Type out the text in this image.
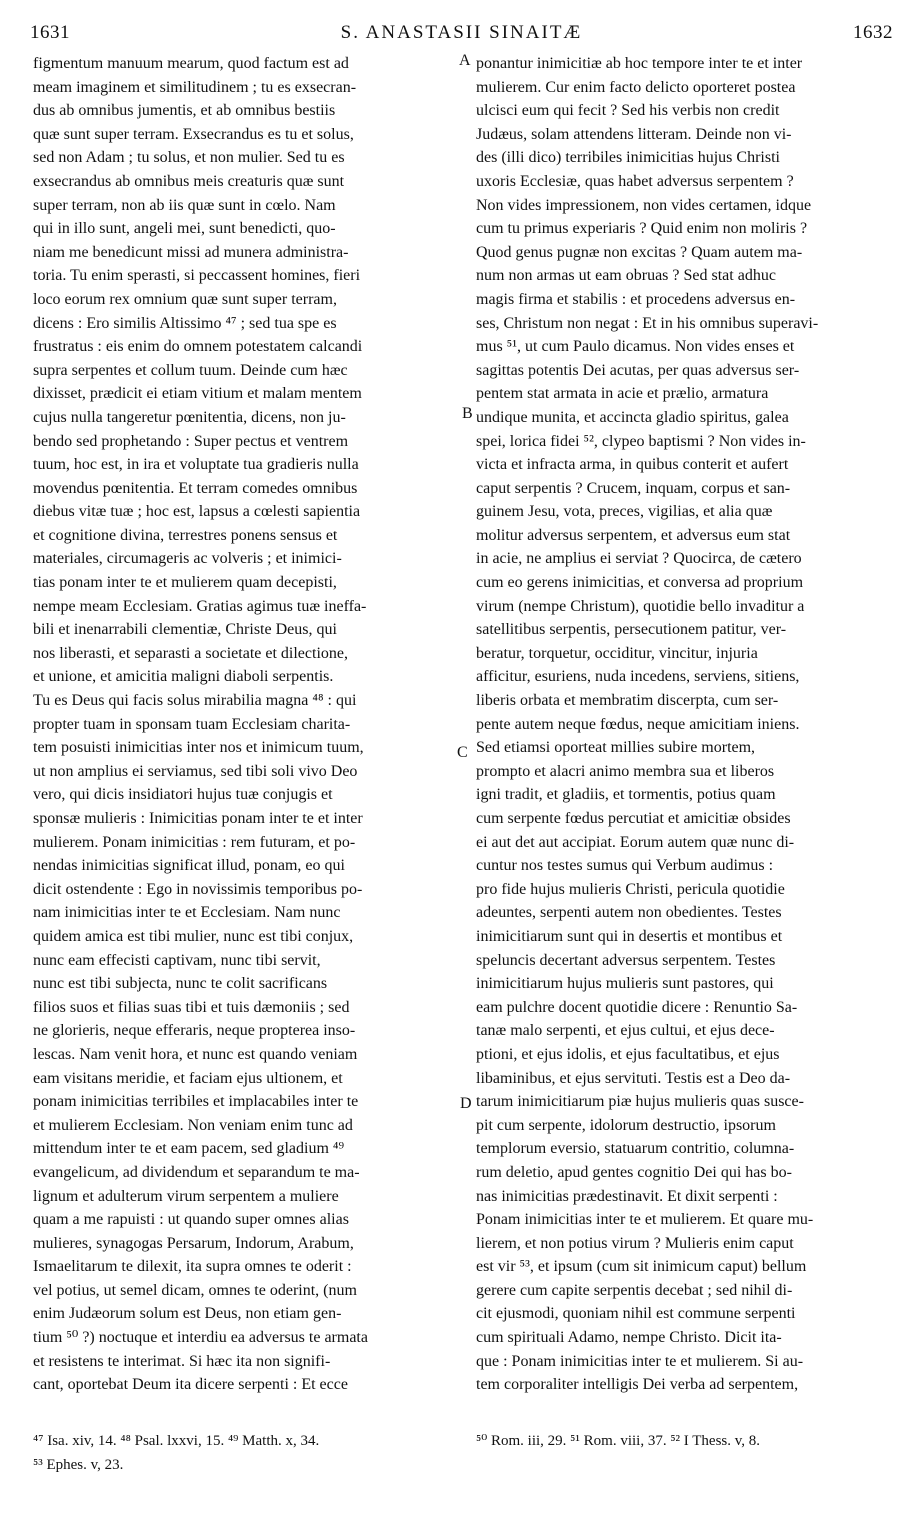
1631	S. ANASTASII SINAITÆ	1632
figmentum manuum mearum, quod factum est ad
meam imaginem et similitudinem ; tu es exsecran-
dus ab omnibus jumentis, et ab omnibus bestiis
quæ sunt super terram. Exsecrandus es tu et solus,
sed non Adam ; tu solus, et non mulier. Sed tu es
exsecrandus ab omnibus meis creaturis quæ sunt
super terram, non ab iis quæ sunt in cœlo. Nam
qui in illo sunt, angeli mei, sunt benedicti, quo-
niam me benedicunt missi ad munera administra-
toria. Tu enim sperasti, si peccassent homines, fieri
loco eorum rex omnium quæ sunt super terram,
dicens : Ero similis Altissimo ⁴⁷ ; sed tua spe es
frustratus : eis enim do omnem potestatem calcandi
supra serpentes et collum tuum. Deinde cum hæc
dixisset, prædicit ei etiam vitium et malam mentem
cujus nulla tangeretur pœnitentia, dicens, non ju-
bendo sed prophetando : Super pectus et ventrem
tuum, hoc est, in ira et voluptate tua gradieris nulla
movendus pœnitentia. Et terram comedes omnibus
diebus vitæ tuæ ; hoc est, lapsus a cœlesti sapientia
et cognitione divina, terrestres ponens sensus et
materiales, circumageris ac volveris ; et inimici-
tias ponam inter te et mulierem quam decepisti,
nempe meam Ecclesiam. Gratias agimus tuæ ineffa-
bili et inenarrabili clementiæ, Christe Deus, qui
nos liberasti, et separasti a societate et dilectione,
et unione, et amicitia maligni diaboli serpentis.
Tu es Deus qui facis solus mirabilia magna ⁴⁸ : qui
propter tuam in sponsam tuam Ecclesiam charita-
tem posuisti inimicitias inter nos et inimicum tuum,
ut non amplius ei serviamus, sed tibi soli vivo Deo
vero, qui dicis insidiatori hujus tuæ conjugis et
sponsæ mulieris : Inimicitias ponam inter te et inter
mulierem. Ponam inimicitias : rem futuram, et po-
nendas inimicitias significat illud, ponam, eo qui
dicit ostendente : Ego in novissimis temporibus po-
nam inimicitias inter te et Ecclesiam. Nam nunc
quidem amica est tibi mulier, nunc est tibi conjux,
nunc eam effecisti captivam, nunc tibi servit,
nunc est tibi subjecta, nunc te colit sacrificans
filios suos et filias suas tibi et tuis dæmoniis ; sed
ne glorieris, neque efferaris, neque propterea inso-
lescas. Nam venit hora, et nunc est quando veniam
eam visitans meridie, et faciam ejus ultionem, et
ponam inimicitias terribiles et implacabiles inter te
et mulierem Ecclesiam. Non veniam enim tunc ad
mittendum inter te et eam pacem, sed gladium ⁴⁹
evangelicum, ad dividendum et separandum te ma-
lignum et adulterum virum serpentem a muliere
quam a me rapuisti : ut quando super omnes alias
mulieres, synagogas Persarum, Indorum, Arabum,
Ismaelitarum te dilexit, ita supra omnes te oderit :
vel potius, ut semel dicam, omnes te oderint, (num
enim Judæorum solum est Deus, non etiam gen-
tium ⁵⁰ ?) noctuque et interdiu ea adversus te armata
et resistens te interimat. Si hæc ita non signifi-
cant, oportebat Deum ita dicere serpenti : Et ecce
ponantur inimicitiæ ab hoc tempore inter te et inter
mulierem. Cur enim facto delicto oporteret postea
ulcisci eum qui fecit ? Sed his verbis non credit
Judæus, solam attendens litteram. Deinde non vi-
des (illi dico) terribiles inimicitias hujus Christi
uxoris Ecclesiæ, quas habet adversus serpentem ?
Non vides impressionem, non vides certamen, idque
cum tu primus experiaris ? Quid enim non moliris ?
Quod genus pugnæ non excitas ? Quam autem ma-
num non armas ut eam obruas ? Sed stat adhuc
magis firma et stabilis : et procedens adversus en-
ses, Christum non negat : Et in his omnibus superavi-
mus ⁵¹, ut cum Paulo dicamus. Non vides enses et
sagittas potentis Dei acutas, per quas adversus ser-
pentem stat armata in acie et prælio, armatura
undique munita, et accincta gladio spiritus, galea
spei, lorica fidei ⁵², clypeo baptismi ? Non vides in-
victa et infracta arma, in quibus conterit et aufert
caput serpentis ? Crucem, inquam, corpus et san-
guinem Jesu, vota, preces, vigilias, et alia quæ
molitur adversus serpentem, et adversus eum stat
in acie, ne amplius ei serviat ? Quocirca, de cætero
cum eo gerens inimicitias, et conversa ad proprium
virum (nempe Christum), quotidie bello invaditur a
satellitibus serpentis, persecutionem patitur, ver-
beratur, torquetur, occiditur, vincitur, injuria
afficitur, esuriens, nuda incedens, serviens, sitiens,
liberis orbata et membratim discerpta, cum ser-
pente autem neque fœdus, neque amicitiam iniens.
Sed etiamsi oporteat millies subire mortem,
prompto et alacri animo membra sua et liberos
igni tradit, et gladiis, et tormentis, potius quam
cum serpente fœdus percutiat et amicitiæ obsides
ei aut det aut accipiat. Eorum autem quæ nunc di-
cuntur nos testes sumus qui Verbum audimus :
pro fide hujus mulieris Christi, pericula quotidie
adeuntes, serpenti autem non obedientes. Testes
inimicitiarum sunt qui in desertis et montibus et
speluncis decertant adversus serpentem. Testes
inimicitiarum hujus mulieris sunt pastores, qui
eam pulchre docent quotidie dicere : Renuntio Sa-
tanæ malo serpenti, et ejus cultui, et ejus dece-
ptioni, et ejus idolis, et ejus facultatibus, et ejus
libaminibus, et ejus servituti. Testis est a Deo da-
tarum inimicitiarum piæ hujus mulieris quas susce-
pit cum serpente, idolorum destructio, ipsorum
templorum eversio, statuarum contritio, columna-
rum deletio, apud gentes cognitio Dei qui has bo-
nas inimicitias prædestinavit. Et dixit serpenti :
Ponam inimicitias inter te et mulierem. Et quare mu-
lierem, et non potius virum ? Mulieris enim caput
est vir ⁵³, et ipsum (cum sit inimicum caput) bellum
gerere cum capite serpentis decebat ; sed nihil di-
cit ejusmodi, quoniam nihil est commune serpenti
cum spirituali Adamo, nempe Christo. Dicit ita-
que : Ponam inimicitias inter te et mulierem. Si au-
tem corporaliter intelligis Dei verba ad serpentem,
A
B
C
D
⁴⁷ Isa. xiv, 14. ⁴⁸ Psal. lxxvi, 15. ⁴⁹ Matth. x, 34.
⁵³ Ephes. v, 23.
⁵⁰ Rom. iii, 29. ⁵¹ Rom. viii, 37. ⁵² I Thess. v, 8.
